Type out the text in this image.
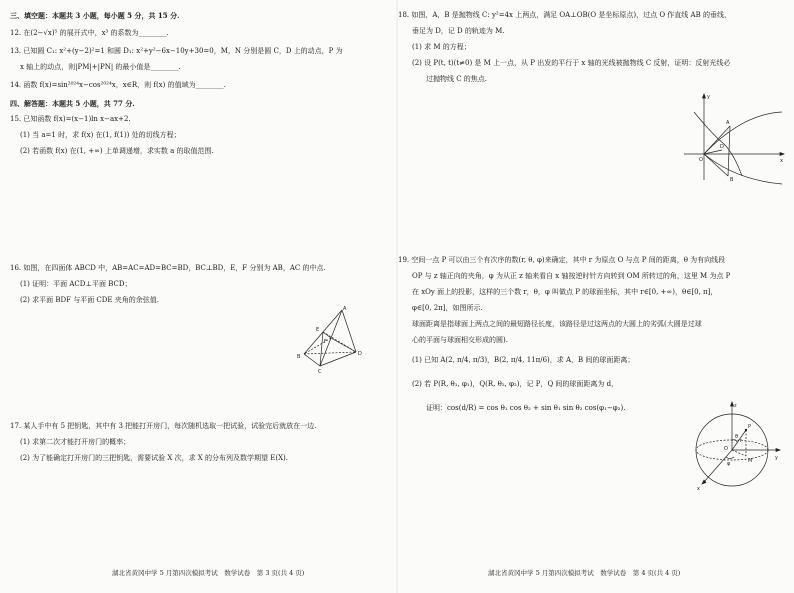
三、填空题：本题共 3 小题，每小题 5 分，共 15 分.
12. 在(2−√x)⁵ 的展开式中，x³ 的系数为________.
13. 已知圆 C₁: x²+(y−2)²=1 和圆 D₁: x²+y²−6x−10y+30=0，M，N 分别是圆 C，D 上的动点，P 为
x 轴上的动点，则|PM|+|PN| 的最小值是________.
14. 函数 f(x)=sin²⁰²⁴x−cos²⁰²⁴x，x∈R，则 f(x) 的值域为________.
四、解答题：本题共 5 小题，共 77 分.
15. 已知函数 f(x)=(x−1)ln x−ax+2.
(1) 当 a=1 时，求 f(x) 在(1, f(1)) 处的切线方程；
(2) 若函数 f(x) 在(1, +∞) 上单调递增，求实数 a 的取值范围.
16. 如图，在四面体 ABCD 中，AB=AC=AD=BC=BD，BC⊥BD，E，F 分别为 AB，AC 的中点.
(1) 证明：平面 ACD⊥平面 BCD；
(2) 求平面 BDF 与平面 CDE 夹角的余弦值.
A
B
C
D
E
F
17. 某人手中有 5 把钥匙，其中有 3 把能打开房门，每次随机选取一把试验，试验完后就放在一边.
(1) 求第二次才能打开房门的概率；
(2) 为了能确定打开房门的三把钥匙，需要试验 X 次，求 X 的分布列及数学期望 E(X).
湖北省黄冈中学 5 月第四次模拟考试　数学试卷　第 3 页(共 4 页)
18. 如图，A，B 是抛物线 C: y²=4x 上两点，满足 OA⊥OB(O 是坐标原点)，过点 O 作直线 AB 的垂线，
垂足为 D，记 D 的轨迹为 M.
(1) 求 M 的方程；
(2) 设 P(t, t)(t≠0) 是 M 上一点，从 P 出发的平行于 x 轴的光线被抛物线 C 反射，证明：反射光线必
过抛物线 C 的焦点.
y
x
O
A
B
D
19. 空间一点 P 可以由三个有次序的数(r, θ, φ)来确定，其中 r 为原点 O 与点 P 间的距离，θ 为有向线段
OP 与 z 轴正向的夹角，φ 为从正 z 轴来看自 x 轴按逆时针方向转到 OM 所转过的角，这里 M 为点 P
在 xOy 面上的投影，这样的三个数 r，θ，φ 叫做点 P 的球面坐标，其中 r∈[0, +∞)，θ∈[0, π]，
φ∈[0, 2π]，如图所示.
球面距离是指球面上两点之间的最短路径长度，该路径是过这两点的大圆上的劣弧(大圆是过球
心的平面与球面相交形成的圆).
(1) 已知 A(2, π/4, π/3)，B(2, π/4, 11π/6)，求 A，B 间的球面距离；
(2) 若 P(R, θ₁, φ₁)，Q(R, θ₂, φ₂)，记 P，Q 间的球面距离为 d，
证明：cos(d/R) = cos θ₁ cos θ₂ + sin θ₁ sin θ₂ cos(φ₁−φ₂).	z
y
x
O
P
M
r
θ
φ
湖北省黄冈中学 5 月第四次模拟考试　数学试卷　第 4 页(共 4 页)
